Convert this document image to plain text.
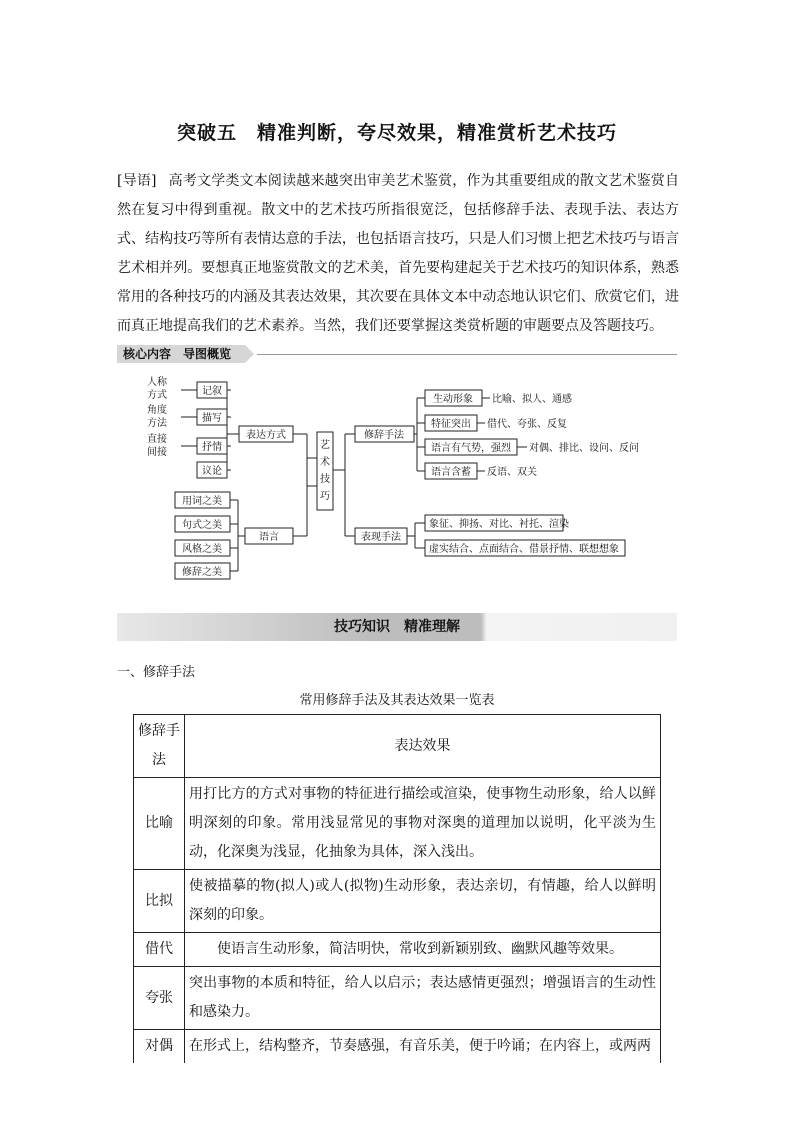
突破五　精准判断，夸尽效果，精准赏析艺术技巧
[导语] 高考文学类文本阅读越来越突出审美艺术鉴赏，作为其重要组成的散文艺术鉴赏自然在复习中得到重视。散文中的艺术技巧所指很宽泛，包括修辞手法、表现手法、表达方式、结构技巧等所有表情达意的手法，也包括语言技巧，只是人们习惯上把艺术技巧与语言艺术相并列。要想真正地鉴赏散文的艺术美，首先要构建起关于艺术技巧的知识体系，熟悉常用的各种技巧的内涵及其表达效果，其次要在具体文本中动态地认识它们、欣赏它们，进而真正地提高我们的艺术素养。当然，我们还要掌握这类赏析题的审题要点及答题技巧。
核心内容　导图概览
艺
术
技
巧
表达方式
语言
修辞手法
表现手法
记叙
描写
抒情
议论
人称
方式
角度
方法
直接
间接
用词之美
句式之美
风格之美
修辞之美
生动形象
特征突出
语言有气势，强烈
语言含蓄
比喻、拟人、通感
借代、夸张、反复
对偶、排比、设问、反问
反语、双关
象征、抑扬、对比、衬托、渲染
虚实结合、点面结合、借景抒情、联想想象
技巧知识　精准理解
一、修辞手法
常用修辞手法及其表达效果一览表
修辞手法	表达效果
比喻	用打比方的方式对事物的特征进行描绘或渲染，使事物生动形象，给人以鲜明深刻的印象。常用浅显常见的事物对深奥的道理加以说明，化平淡为生动，化深奥为浅显，化抽象为具体，深入浅出。
比拟	使被描摹的物(拟人)或人(拟物)生动形象，表达亲切，有情趣，给人以鲜明深刻的印象。
借代	使语言生动形象，简洁明快，常收到新颖别致、幽默风趣等效果。
夸张	突出事物的本质和特征，给人以启示；表达感情更强烈；增强语言的生动性和感染力。
对偶	在形式上，结构整齐，节奏感强，有音乐美，便于吟诵；在内容上，或两两
